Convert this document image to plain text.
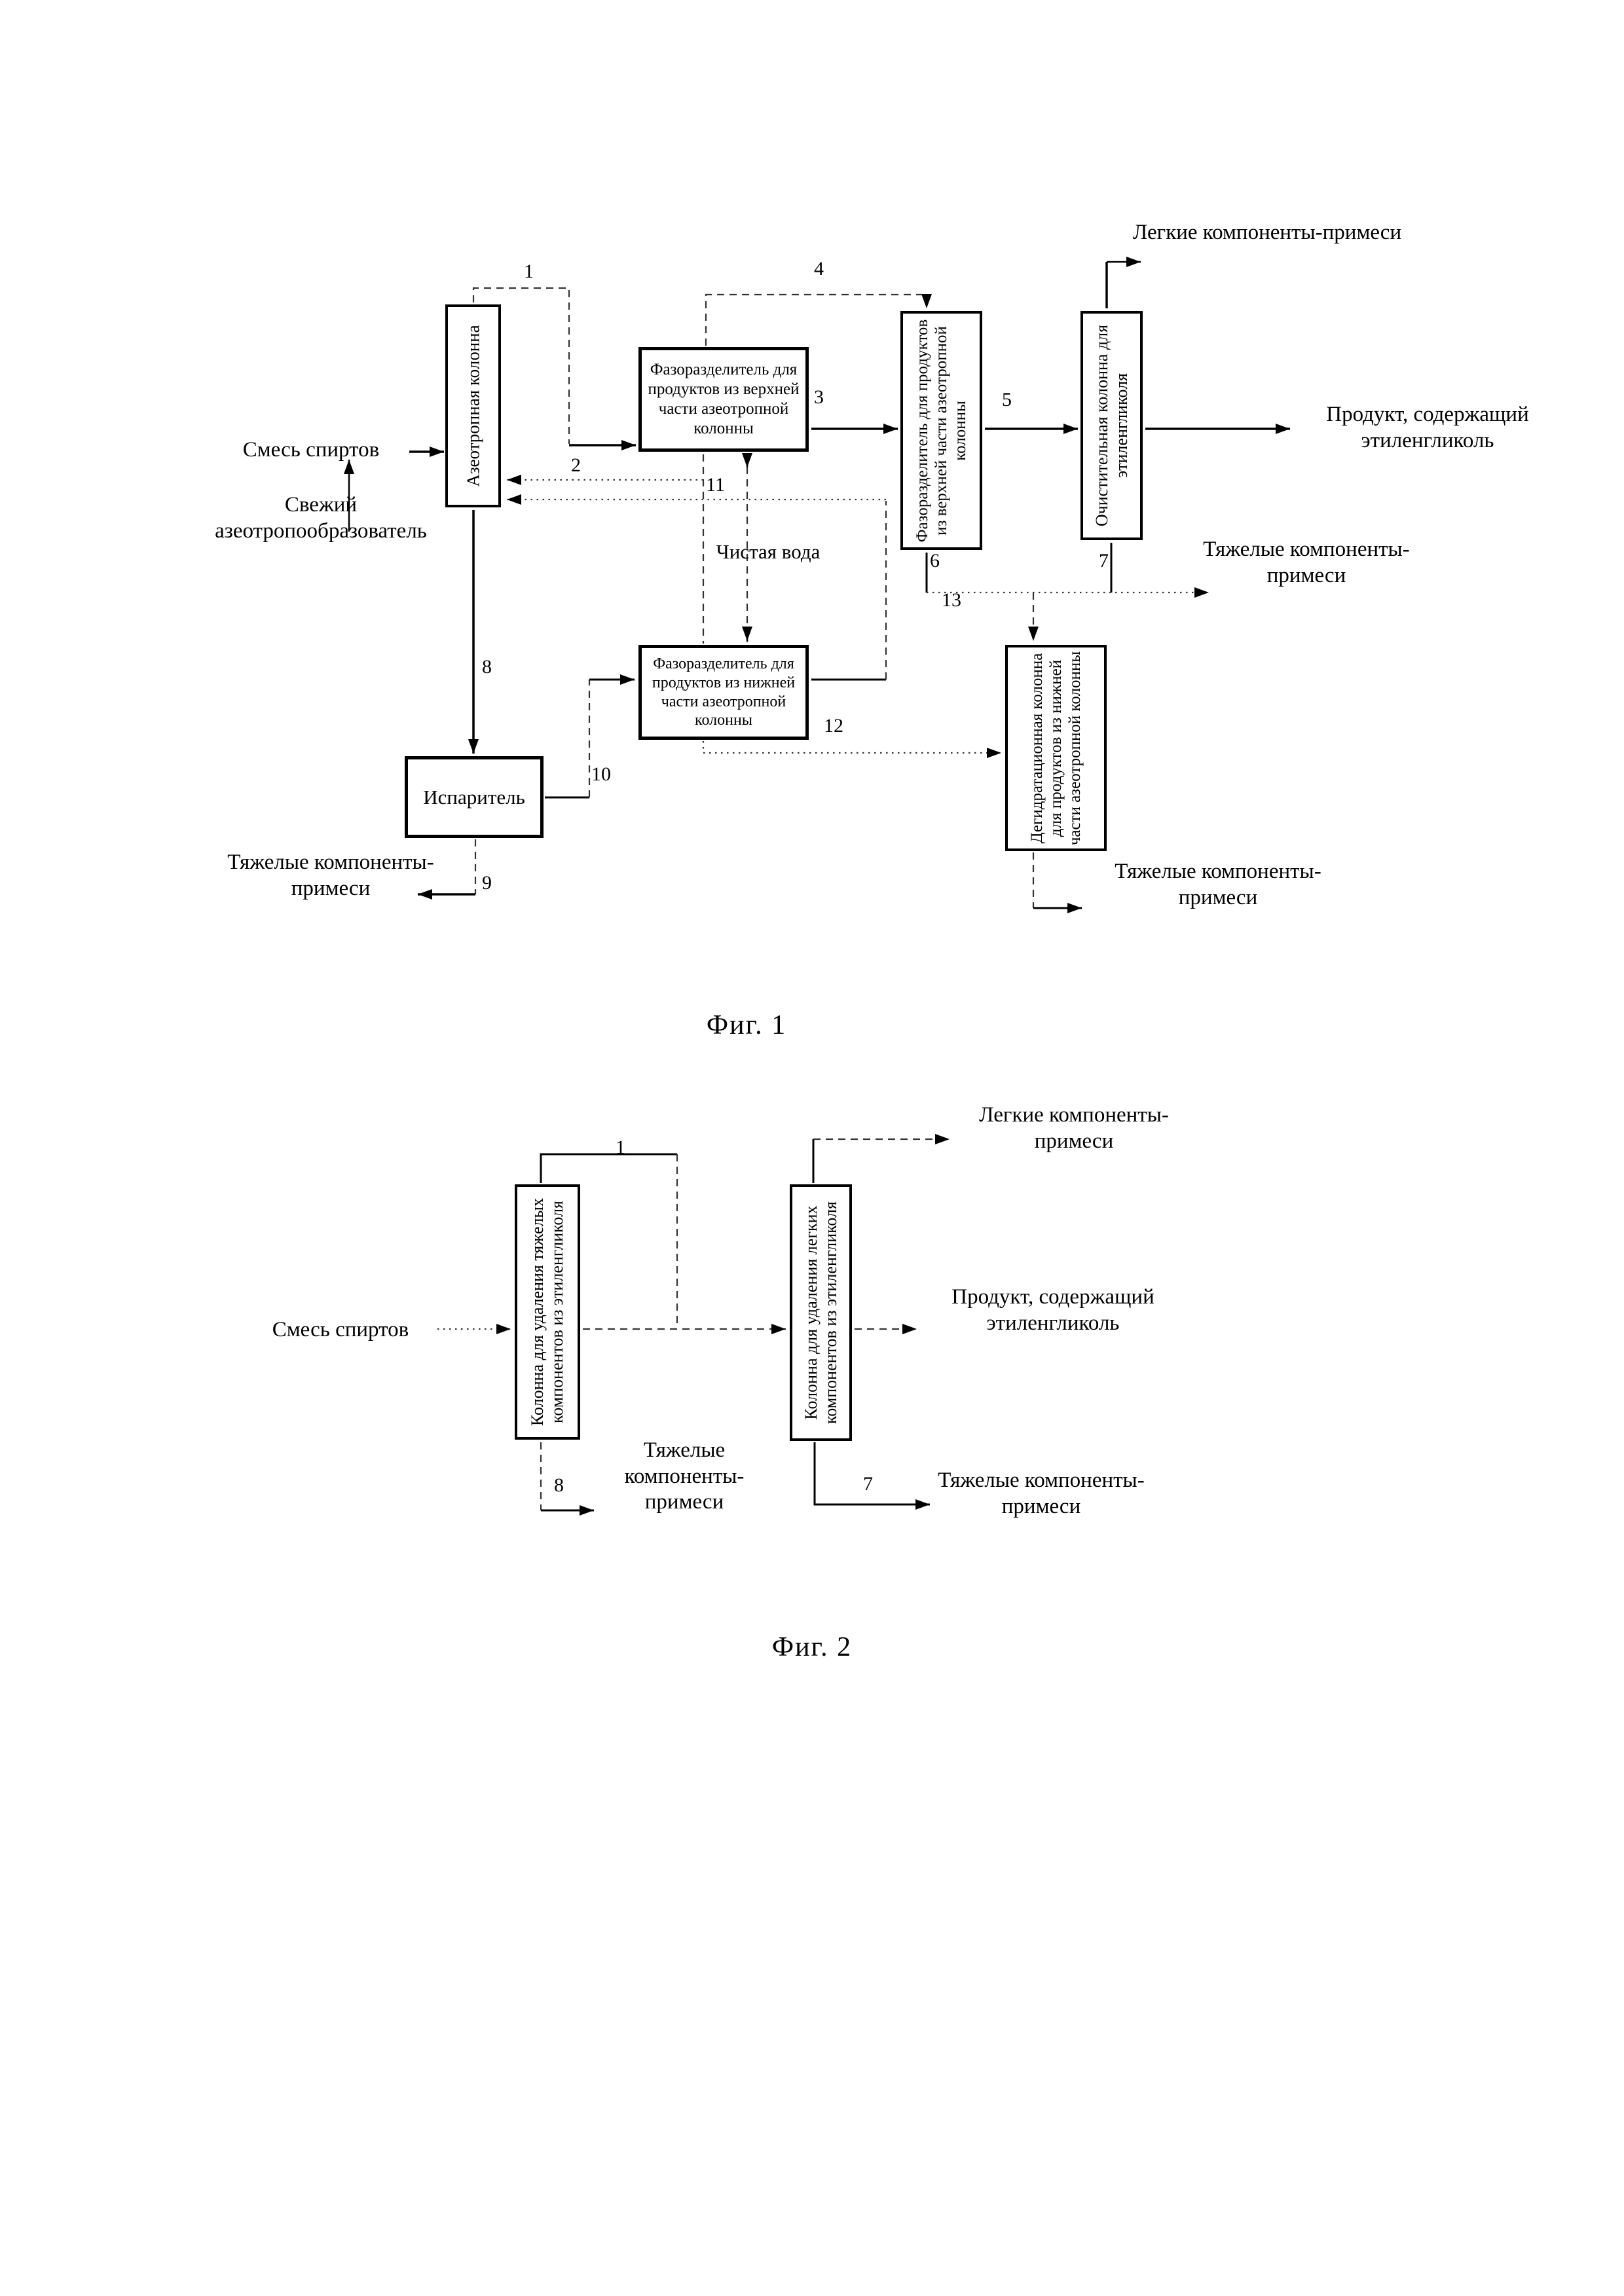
Азеотропная колонна	Фазоразделитель для продуктов из верхней части азеотропной колонны	Фазоразделитель для продуктов из верхней части азеотропной колонны	Очистительная колонна для этиленгликоля
Фазоразделитель для продуктов из нижней части азеотропной колонны	Дегидратационная колонна для продуктов из нижней части азеотропной колонны
Испаритель
Смесь спиртов
Свежий азеотропообразователь
Чистая вода
Легкие компоненты-примеси
Продукт, содержащий этиленгликоль
Тяжелые компоненты-примеси
Тяжелые компоненты-примеси
Тяжелые компоненты-примеси
1
2
3
4
5
6	7
8
9
10
11
12
13
Фиг. 1
Колонна для удаления тяжелых компонентов из этиленгликоля	Колонна для удаления легких компонентов из этиленгликоля
Смесь спиртов
Легкие компоненты-примеси
Продукт, содержащий этиленгликоль
Тяжелые компоненты-примеси
Тяжелые компоненты-примеси
1
8	7
Фиг. 2
